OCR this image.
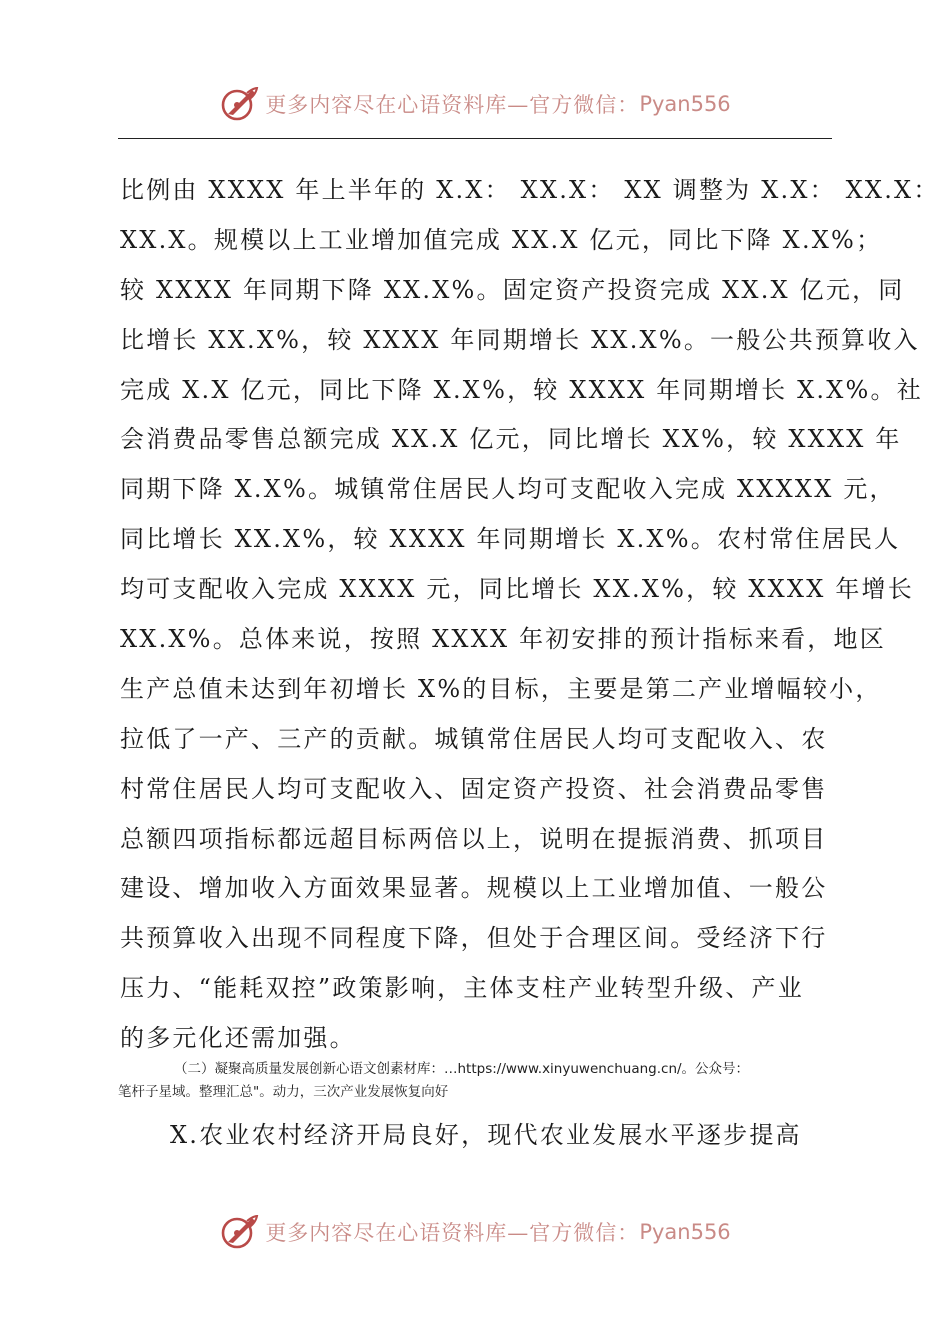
更多内容尽在心语资料库—官方微信： Pyan556
比例由 XXXX 年上半年的 X.X： XX.X： XX 调整为 X.X： XX.X：
XX.X。规模以上工业增加值完成 XX.X 亿元，同比下降 X.X%；
较 XXXX 年同期下降 XX.X%。固定资产投资完成 XX.X 亿元，同
比增长 XX.X%，较 XXXX 年同期增长 XX.X%。一般公共预算收入
完成 X.X 亿元，同比下降 X.X%，较 XXXX 年同期增长 X.X%。社
会消费品零售总额完成 XX.X 亿元，同比增长 XX%，较 XXXX 年
同期下降 X.X%。城镇常住居民人均可支配收入完成 XXXXX 元，
同比增长 XX.X%，较 XXXX 年同期增长 X.X%。农村常住居民人
均可支配收入完成 XXXX 元，同比增长 XX.X%，较 XXXX 年增长
XX.X%。总体来说，按照 XXXX 年初安排的预计指标来看，地区
生产总值未达到年初增长 X%的目标，主要是第二产业增幅较小，
拉低了一产、三产的贡献。城镇常住居民人均可支配收入、农
村常住居民人均可支配收入、固定资产投资、社会消费品零售
总额四项指标都远超目标两倍以上，说明在提振消费、抓项目
建设、增加收入方面效果显著。规模以上工业增加值、一般公
共预算收入出现不同程度下降，但处于合理区间。受经济下行
压力、“能耗双控”政策影响，主体支柱产业转型升级、产业
的多元化还需加强。
（二）凝聚高质量发展创新心语文创素材库：…https://www.xinyuwenchuang.cn/。公众号：
笔杆子星域。整理汇总"。动力，三次产业发展恢复向好
X.农业农村经济开局良好，现代农业发展水平逐步提高
更多内容尽在心语资料库—官方微信： Pyan556
